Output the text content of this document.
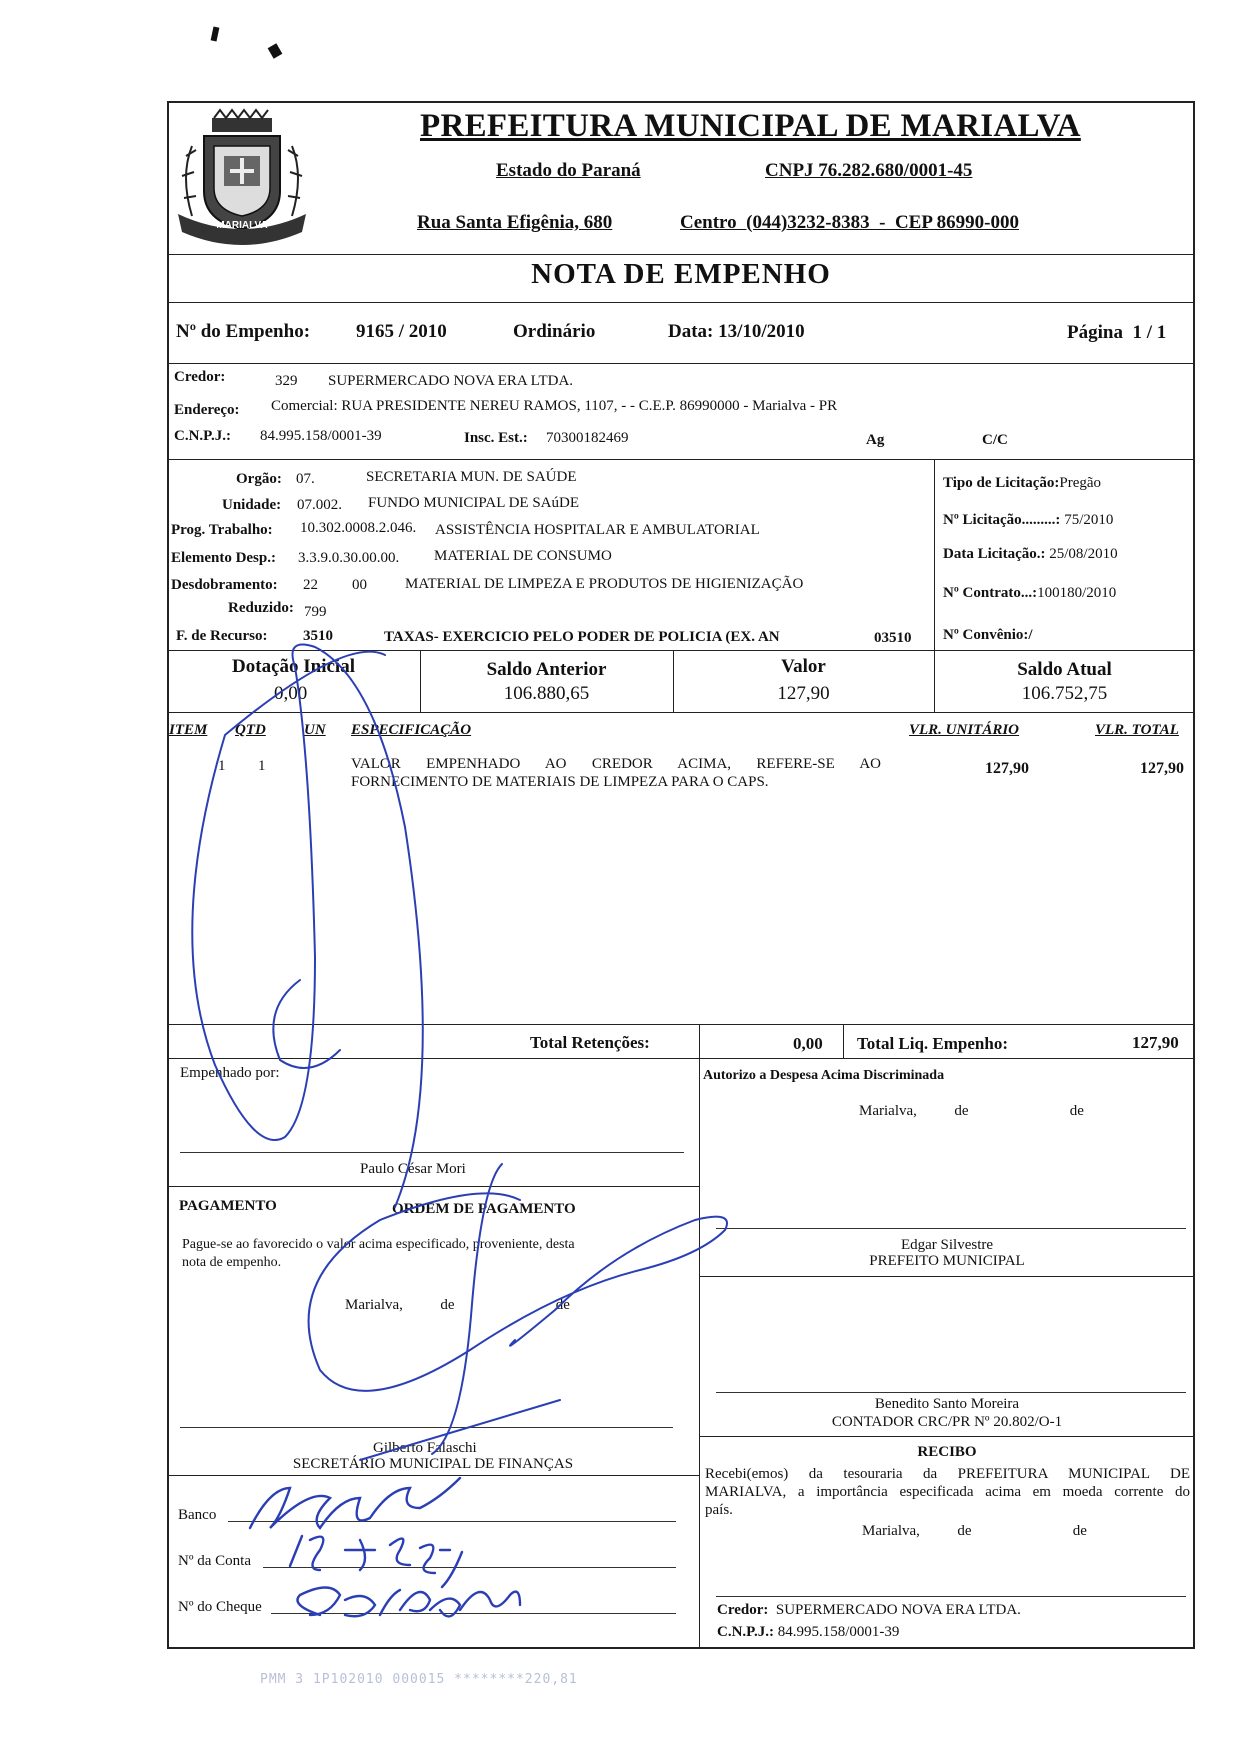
MARIALVA
PREFEITURA MUNICIPAL DE MARIALVA
Estado do Paraná	CNPJ 76.282.680/0001-45
Rua Santa Efigênia, 680	Centro  (044)3232-8383  -  CEP 86990-000
NOTA DE EMPENHO
Nº do Empenho: 9165 / 2010	Ordinário	Data: 13/10/2010	Página  1 / 1
Credor:	329 SUPERMERCADO NOVA ERA LTDA.
Endereço: Comercial: RUA PRESIDENTE NEREU RAMOS, 1107, - - C.E.P. 86990000 - Marialva - PR
C.N.P.J.: 84.995.158/0001-39	Insc. Est.: 70300182469	Ag	C/C
Orgão: 07.	SECRETARIA MUN. DE SAÚDE
Unidade: 07.002. FUNDO MUNICIPAL DE SAúDE
Prog. Trabalho: 10.302.0008.2.046. ASSISTÊNCIA HOSPITALAR E AMBULATORIAL
Elemento Desp.: 3.3.9.0.30.00.00. MATERIAL DE CONSUMO
Desdobramento: 22 00	MATERIAL DE LIMPEZA E PRODUTOS DE HIGIENIZAÇÃO
Reduzido: 799
F. de Recurso: 3510	TAXAS- EXERCICIO PELO PODER DE POLICIA (EX. AN	03510
Tipo de Licitação:Pregão
Nº Licitação.........: 75/2010
Data Licitação.: 25/08/2010
Nº Contrato...:100180/2010
Nº Convênio:/
Dotação Inicial
0,00
Saldo Anterior
106.880,65
Valor
127,90
Saldo Atual
106.752,75
ITEM QTD	UN ESPECIFICAÇÃO	VLR. UNITÁRIO	VLR. TOTAL
1 1	VALOR EMPENHADO AO CREDOR ACIMA, REFERE-SE AO
FORNECIMENTO DE MATERIAIS DE LIMPEZA PARA O CAPS.
127,90	127,90
Total Retenções:	0,00 Total Liq. Empenho:	127,90
Empenhado por:
Paulo César Mori
Autorizo a Despesa Acima Discriminada
Marialva,          de                           de
Edgar Silvestre
PREFEITO MUNICIPAL
PAGAMENTO	ORDEM DE PAGAMENTO
Pague-se ao favorecido o valor acima especificado, proveniente, desta
nota de empenho.
Marialva,          de                           de
Gilberto Falaschi
SECRETÁRIO MUNICIPAL DE FINANÇAS
Banco
Nº da Conta
Nº do Cheque
Benedito Santo Moreira
CONTADOR CRC/PR Nº 20.802/O-1
RECIBO
Recebi(emos) da tesouraria da PREFEITURA MUNICIPAL DE
MARIALVA, a importância especificada acima em moeda corrente do
país.
Marialva,          de                           de
Credor: SUPERMERCADO NOVA ERA LTDA.
C.N.P.J.: 84.995.158/0001-39
PMM 3 1P102010 000015 ********220,81
